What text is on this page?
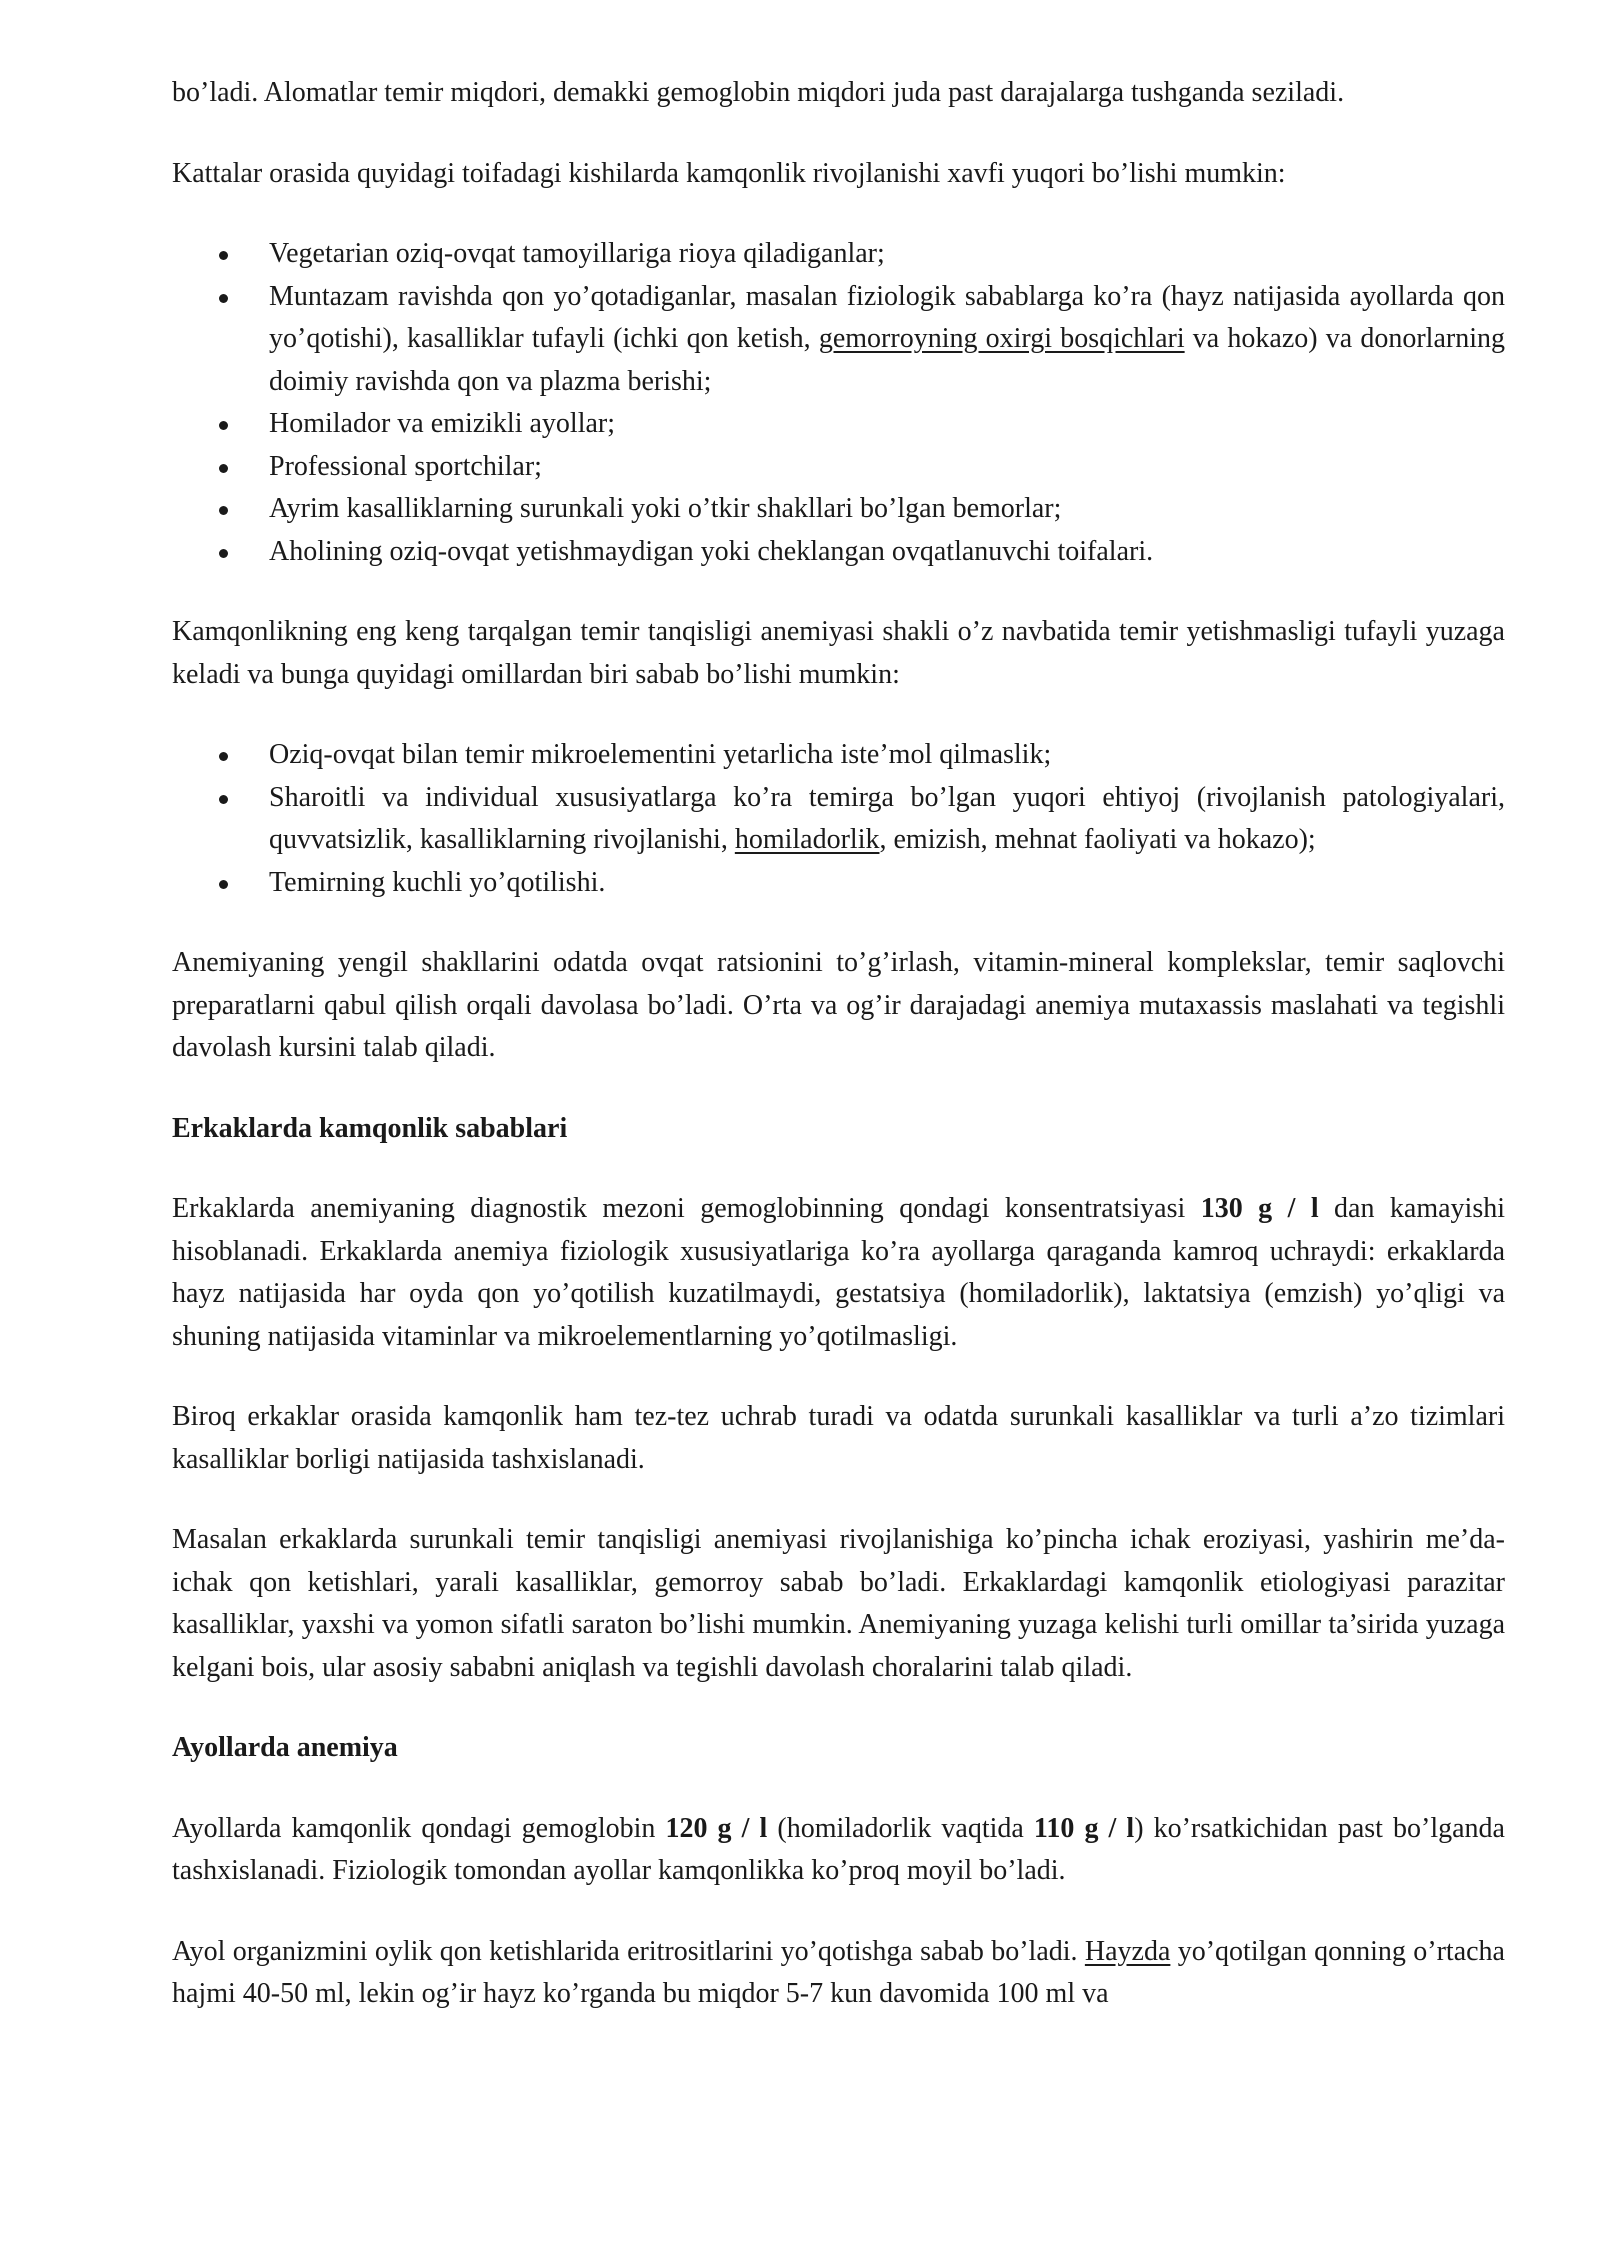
bo’ladi. Alomatlar temir miqdori, demakki gemoglobin miqdori juda past darajalarga tushganda seziladi.

Kattalar orasida quyidagi toifadagi kishilarda kamqonlik rivojlanishi xavfi yuqori bo’lishi mumkin:

Vegetarian oziq-ovqat tamoyillariga rioya qiladiganlar;
Muntazam ravishda qon yo’qotadiganlar, masalan fiziologik sabablarga ko’ra (hayz natijasida ayollarda qon yo’qotishi), kasalliklar tufayli (ichki qon ketish, gemorroyning oxirgi bosqichlari va hokazo) va donorlarning doimiy ravishda qon va plazma berishi;
Homilador va emizikli ayollar;
Professional sportchilar;
Ayrim kasalliklarning surunkali yoki o’tkir shakllari bo’lgan bemorlar;
Aholining oziq-ovqat yetishmaydigan yoki cheklangan ovqatlanuvchi toifalari.

Kamqonlikning eng keng tarqalgan temir tanqisligi anemiyasi shakli o’z navbatida temir yetishmasligi tufayli yuzaga keladi va bunga quyidagi omillardan biri sabab bo’lishi mumkin:

Oziq-ovqat bilan temir mikroelementini yetarlicha iste’mol qilmaslik;
Sharoitli va individual xususiyatlarga ko’ra temirga bo’lgan yuqori ehtiyoj (rivojlanish patologiyalari, quvvatsizlik, kasalliklarning rivojlanishi, homiladorlik, emizish, mehnat faoliyati va hokazo);
Temirning kuchli yo’qotilishi.

Anemiyaning yengil shakllarini odatda ovqat ratsionini to’g’irlash, vitamin-mineral komplekslar, temir saqlovchi preparatlarni qabul qilish orqali davolasa bo’ladi. O’rta va og’ir darajadagi anemiya mutaxassis maslahati va tegishli davolash kursini talab qiladi.

Erkaklarda kamqonlik sabablari

Erkaklarda anemiyaning diagnostik mezoni gemoglobinning qondagi konsentratsiyasi 130 g / l dan kamayishi hisoblanadi. Erkaklarda anemiya fiziologik xususiyatlariga ko’ra ayollarga qaraganda kamroq uchraydi: erkaklarda hayz natijasida har oyda qon yo’qotilish kuzatilmaydi, gestatsiya (homiladorlik), laktatsiya (emzish) yo’qligi va shuning natijasida vitaminlar va mikroelementlarning yo’qotilmasligi.

Biroq erkaklar orasida kamqonlik ham tez-tez uchrab turadi va odatda surunkali kasalliklar va turli a’zo tizimlari kasalliklar borligi natijasida tashxislanadi.

Masalan erkaklarda surunkali temir tanqisligi anemiyasi rivojlanishiga ko’pincha ichak eroziyasi, yashirin me’da-ichak qon ketishlari, yarali kasalliklar, gemorroy sabab bo’ladi. Erkaklardagi kamqonlik etiologiyasi parazitar kasalliklar, yaxshi va yomon sifatli saraton bo’lishi mumkin. Anemiyaning yuzaga kelishi turli omillar ta’sirida yuzaga kelgani bois, ular asosiy sababni aniqlash va tegishli davolash choralarini talab qiladi.

Ayollarda anemiya

Ayollarda kamqonlik qondagi gemoglobin 120 g / l (homiladorlik vaqtida 110 g / l) ko’rsatkichidan past bo’lganda tashxislanadi. Fiziologik tomondan ayollar kamqonlikka ko’proq moyil bo’ladi.

Ayol organizmini oylik qon ketishlarida eritrositlarini yo’qotishga sabab bo’ladi. Hayzda yo’qotilgan qonning o’rtacha hajmi 40-50 ml, lekin og’ir hayz ko’rganda bu miqdor 5-7 kun davomida 100 ml va
